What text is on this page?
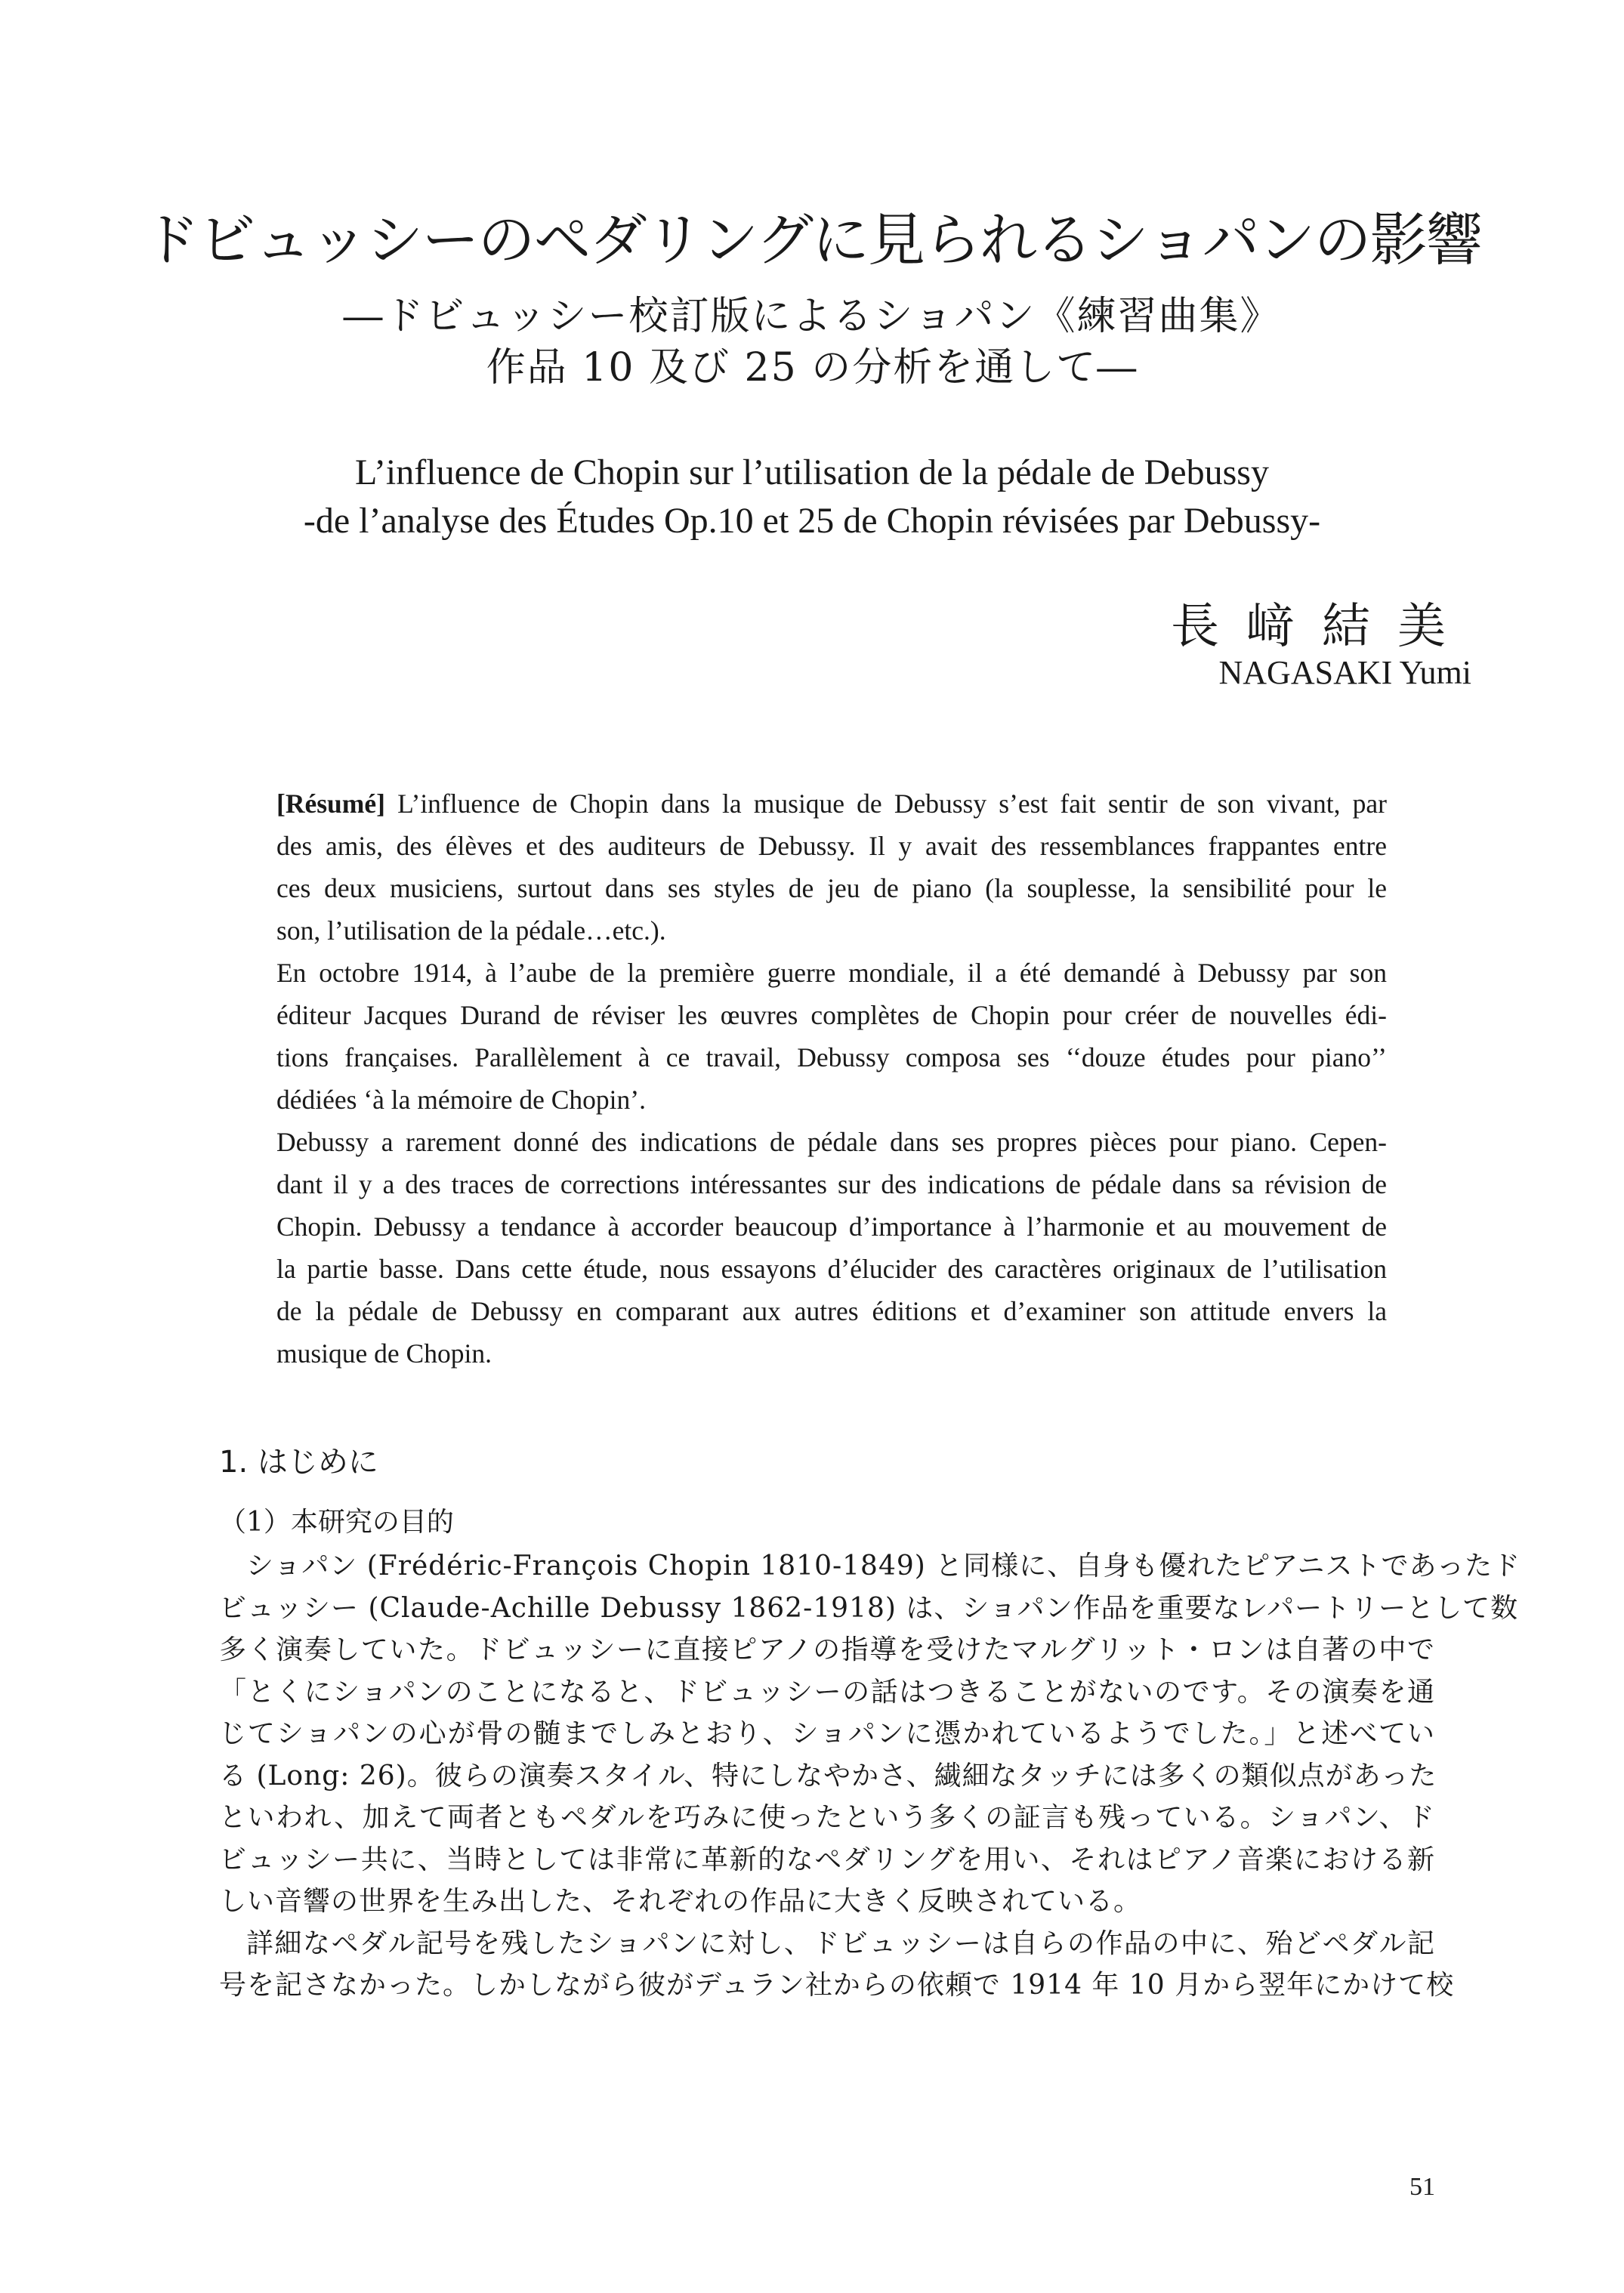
ドビュッシーのペダリングに見られるショパンの影響
―ドビュッシー校訂版によるショパン《練習曲集》
作品 10 及び 25 の分析を通して―
L’influence de Chopin sur l’utilisation de la pédale de Debussy
-de l’analyse des Études Op.10 et 25 de Chopin révisées par Debussy-
長﨑結美
NAGASAKI Yumi
[Résumé] L’influence de Chopin dans la musique de Debussy s’est fait sentir de son vivant, par
des amis, des élèves et des auditeurs de Debussy. Il y avait des ressemblances frappantes entre
ces deux musiciens, surtout dans ses styles de jeu de piano (la souplesse, la sensibilité pour le
son, l’utilisation de la pédale…etc.).
En octobre 1914, à l’aube de la première guerre mondiale, il a été demandé à Debussy par son
éditeur Jacques Durand de réviser les œuvres complètes de Chopin pour créer de nouvelles édi-
tions françaises. Parallèlement à ce travail, Debussy composa ses ‘‘douze études pour piano’’
dédiées ‘à la mémoire de Chopin’.
Debussy a rarement donné des indications de pédale dans ses propres pièces pour piano. Cepen-
dant il y a des traces de corrections intéressantes sur des indications de pédale dans sa révision de
Chopin. Debussy a tendance à accorder beaucoup d’importance à l’harmonie et au mouvement de
la partie basse. Dans cette étude, nous essayons d’élucider des caractères originaux de l’utilisation
de la pédale de Debussy en comparant aux autres éditions et d’examiner son attitude envers la
musique de Chopin.
1. はじめに
（1）本研究の目的
ショパン (Frédéric-François Chopin 1810-1849) と同様に、自身も優れたピアニストであったド
ビュッシー (Claude-Achille Debussy 1862-1918) は、ショパン作品を重要なレパートリーとして数
多く演奏していた。ドビュッシーに直接ピアノの指導を受けたマルグリット・ロンは自著の中で
「とくにショパンのことになると、ドビュッシーの話はつきることがないのです。その演奏を通
じてショパンの心が骨の髄までしみとおり、ショパンに憑かれているようでした。」と述べてい
る (Long: 26)。彼らの演奏スタイル、特にしなやかさ、繊細なタッチには多くの類似点があった
といわれ、加えて両者ともペダルを巧みに使ったという多くの証言も残っている。ショパン、ド
ビュッシー共に、当時としては非常に革新的なペダリングを用い、それはピアノ音楽における新
しい音響の世界を生み出した、それぞれの作品に大きく反映されている。
詳細なペダル記号を残したショパンに対し、ドビュッシーは自らの作品の中に、殆どペダル記
号を記さなかった。しかしながら彼がデュラン社からの依頼で 1914 年 10 月から翌年にかけて校
51
